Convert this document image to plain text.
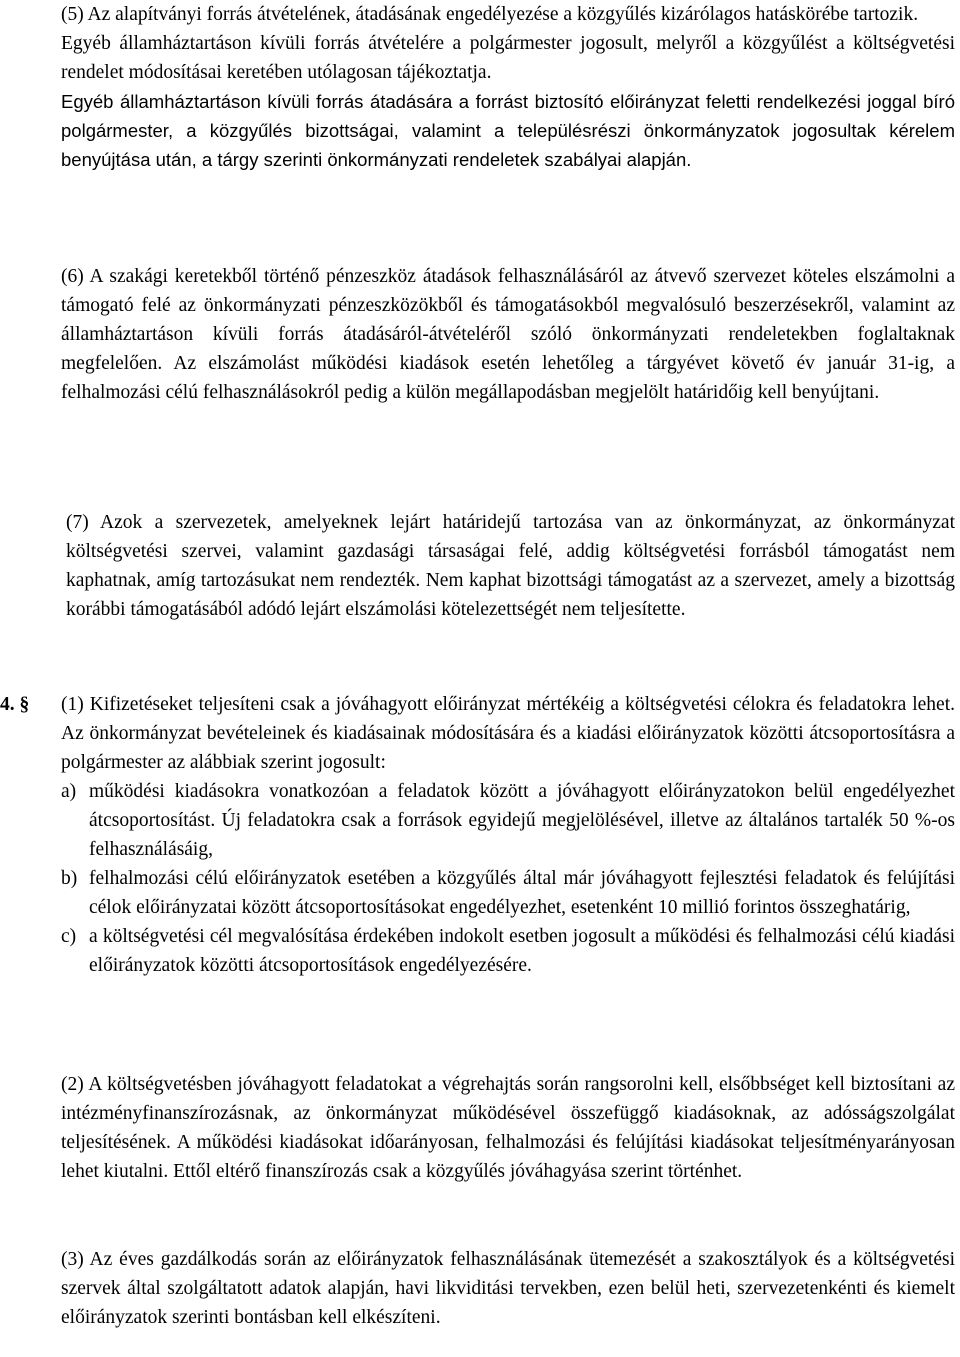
(5) Az alapítványi forrás átvételének, átadásának engedélyezése a közgyűlés kizárólagos hatáskörébe tartozik.

Egyéb államháztartáson kívüli forrás átvételére a polgármester jogosult, melyről a közgyűlést a költségvetési rendelet módosításai keretében utólagosan tájékoztatja.

Egyéb államháztartáson kívüli forrás átadására a forrást biztosító előirányzat feletti rendelkezési joggal bíró polgármester, a közgyűlés bizottságai, valamint a településrészi önkormányzatok jogosultak kérelem benyújtása után, a tárgy szerinti önkormányzati rendeletek szabályai alapján.

(6) A szakági keretekből történő pénzeszköz átadások felhasználásáról az átvevő szervezet köteles elszámolni a támogató felé az önkormányzati pénzeszközökből és támogatásokból megvalósuló beszerzésekről, valamint az államháztartáson kívüli forrás átadásáról-átvételéről szóló önkormányzati rendeletekben foglaltaknak megfelelően. Az elszámolást működési kiadások esetén lehetőleg a tárgyévet követő év január 31-ig, a felhalmozási célú felhasználásokról pedig a külön megállapodásban megjelölt határidőig kell benyújtani.

(7) Azok a szervezetek, amelyeknek lejárt határidejű tartozása van az önkormányzat, az önkormányzat költségvetési szervei, valamint gazdasági társaságai felé, addig költségvetési forrásból támogatást nem kaphatnak, amíg tartozásukat nem rendezték. Nem kaphat bizottsági támogatást az a szervezet, amely a bizottság korábbi támogatásából adódó lejárt elszámolási kötelezettségét nem teljesítette.

4. § (1) Kifizetéseket teljesíteni csak a jóváhagyott előirányzat mértékéig a költségvetési célokra és feladatokra lehet. Az önkormányzat bevételeinek és kiadásainak módosítására és a kiadási előirányzatok közötti átcsoportosításra a polgármester az alábbiak szerint jogosult:

a) működési kiadásokra vonatkozóan a feladatok között a jóváhagyott előirányzatokon belül engedélyezhet átcsoportosítást. Új feladatokra csak a források egyidejű megjelölésével, illetve az általános tartalék 50 %-os felhasználásáig,
b) felhalmozási célú előirányzatok esetében a közgyűlés által már jóváhagyott fejlesztési feladatok és felújítási célok előirányzatai között átcsoportosításokat engedélyezhet, esetenként 10 millió forintos összeghatárig,
c) a költségvetési cél megvalósítása érdekében indokolt esetben jogosult a működési és felhalmozási célú kiadási előirányzatok közötti átcsoportosítások engedélyezésére.

(2) A költségvetésben jóváhagyott feladatokat a végrehajtás során rangsorolni kell, elsőbbséget kell biztosítani az intézményfinanszírozásnak, az önkormányzat működésével összefüggő kiadásoknak, az adósságszolgálat teljesítésének. A működési kiadásokat időarányosan, felhalmozási és felújítási kiadásokat teljesítményarányosan lehet kiutalni. Ettől eltérő finanszírozás csak a közgyűlés jóváhagyása szerint történhet.

(3) Az éves gazdálkodás során az előirányzatok felhasználásának ütemezését a szakosztályok és a költségvetési szervek által szolgáltatott adatok alapján, havi likviditási tervekben, ezen belül heti, szervezetenkénti és kiemelt előirányzatok szerinti bontásban kell elkészíteni.
